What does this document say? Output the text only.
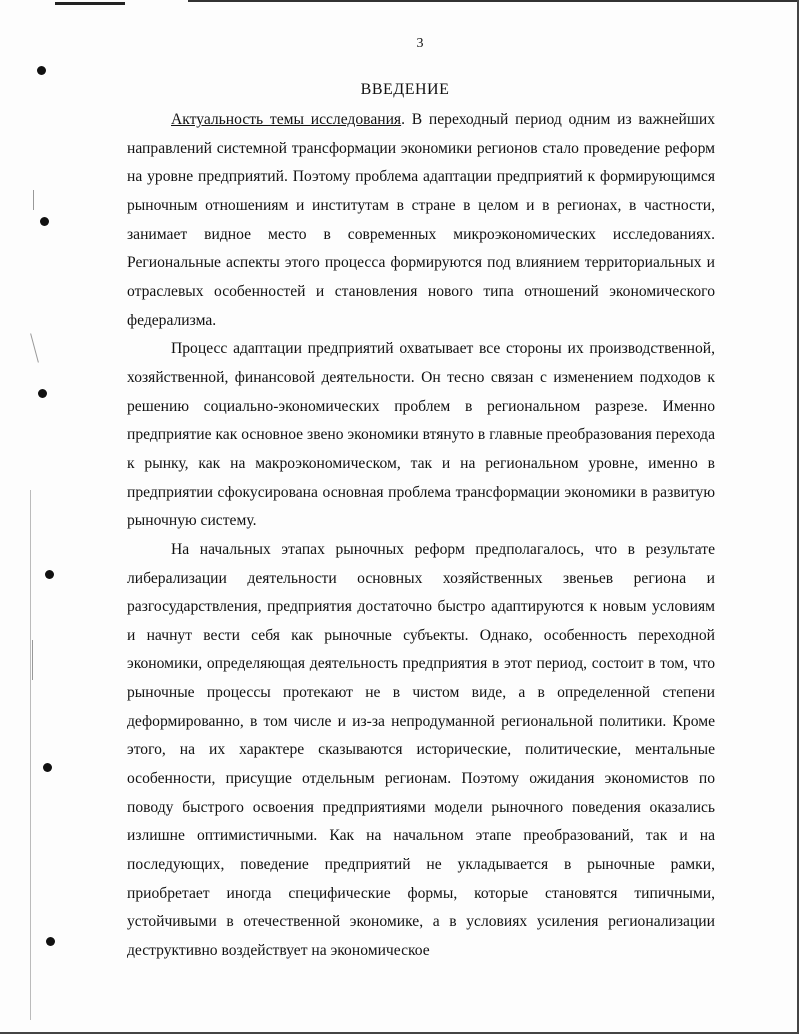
3
ВВЕДЕНИЕ

Актуальность темы исследования. В переходный период одним из важнейших направлений системной трансформации экономики регионов стало проведение реформ на уровне предприятий. Поэтому проблема адаптации предприятий к формирующимся рыночным отношениям и институтам в стране в целом и в регионах, в частности, занимает видное место в современных микроэкономических исследованиях. Региональные аспекты этого процесса формируются под влиянием территориальных и отраслевых особенностей и становления нового типа отношений экономического федерализма.

Процесс адаптации предприятий охватывает все стороны их производственной, хозяйственной, финансовой деятельности. Он тесно связан с изменением подходов к решению социально-экономических проблем в региональном разрезе. Именно предприятие как основное звено экономики втянуто в главные преобразования перехода к рынку, как на макроэкономическом, так и на региональном уровне, именно в предприятии сфокусирована основная проблема трансформации экономики в развитую рыночную систему.

На начальных этапах рыночных реформ предполагалось, что в результате либерализации деятельности основных хозяйственных звеньев региона и разгосударствления, предприятия достаточно быстро адаптируются к новым условиям и начнут вести себя как рыночные субъекты. Однако, особенность переходной экономики, определяющая деятельность предприятия в этот период, состоит в том, что рыночные процессы протекают не в чистом виде, а в определенной степени деформированно, в том числе и из-за непродуманной региональной политики. Кроме этого, на их характере сказываются исторические, политические, ментальные особенности, присущие отдельным регионам. Поэтому ожидания экономистов по поводу быстрого освоения предприятиями модели рыночного поведения оказались излишне оптимистичными. Как на начальном этапе преобразований, так и на последующих, поведение предприятий не укладывается в рыночные рамки, приобретает иногда специфические формы, которые становятся типичными, устойчивыми в отечественной экономике, а в условиях усиления регионализации деструктивно воздействует на экономическое
